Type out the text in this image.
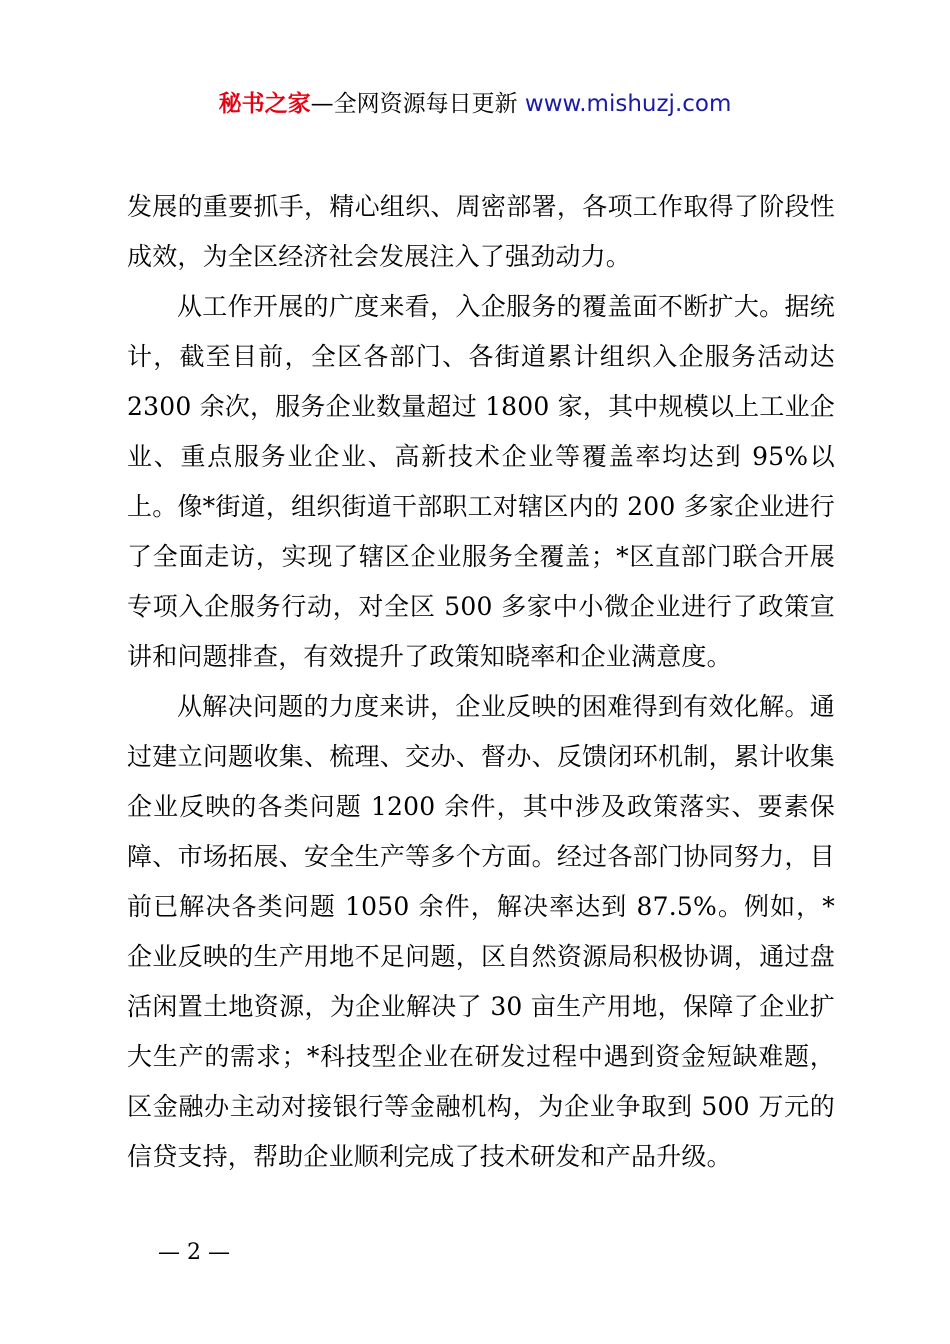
秘书之家—全网资源每日更新 www.mishuzj.com

发展的重要抓手，精心组织、周密部署，各项工作取得了阶段性成效，为全区经济社会发展注入了强劲动力。

从工作开展的广度来看，入企服务的覆盖面不断扩大。据统计，截至目前，全区各部门、各街道累计组织入企服务活动达 2300 余次，服务企业数量超过 1800 家，其中规模以上工业企业、重点服务业企业、高新技术企业等覆盖率均达到 95%以上。像*街道，组织街道干部职工对辖区内的 200 多家企业进行了全面走访，实现了辖区企业服务全覆盖；*区直部门联合开展专项入企服务行动，对全区 500 多家中小微企业进行了政策宣讲和问题排查，有效提升了政策知晓率和企业满意度。

从解决问题的力度来讲，企业反映的困难得到有效化解。通过建立问题收集、梳理、交办、督办、反馈闭环机制，累计收集企业反映的各类问题 1200 余件，其中涉及政策落实、要素保障、市场拓展、安全生产等多个方面。经过各部门协同努力，目前已解决各类问题 1050 余件，解决率达到 87.5%。例如，*企业反映的生产用地不足问题，区自然资源局积极协调，通过盘活闲置土地资源，为企业解决了 30 亩生产用地，保障了企业扩大生产的需求；*科技型企业在研发过程中遇到资金短缺难题，区金融办主动对接银行等金融机构，为企业争取到 500 万元的信贷支持，帮助企业顺利完成了技术研发和产品升级。

— 2 —
